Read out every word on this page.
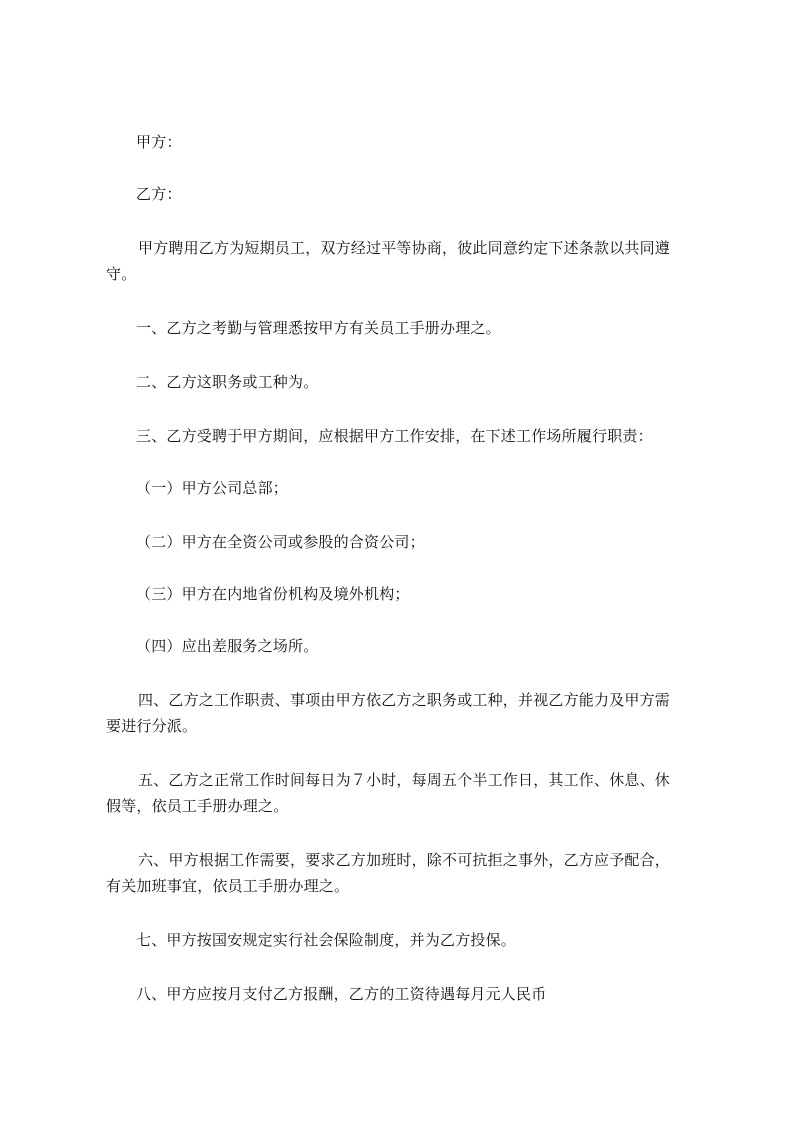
甲方：
乙方：
甲方聘用乙方为短期员工，双方经过平等协商，彼此同意约定下述条款以共同遵
守。
一、乙方之考勤与管理悉按甲方有关员工手册办理之。
二、乙方这职务或工种为。
三、乙方受聘于甲方期间，应根据甲方工作安排，在下述工作场所履行职责：
（一）甲方公司总部；
（二）甲方在全资公司或参股的合资公司；
（三）甲方在内地省份机构及境外机构；
（四）应出差服务之场所。
四、乙方之工作职责、事项由甲方依乙方之职务或工种，并视乙方能力及甲方需
要进行分派。
五、乙方之正常工作时间每日为７小时，每周五个半工作日，其工作、休息、休
假等，依员工手册办理之。
六、甲方根据工作需要，要求乙方加班时，除不可抗拒之事外，乙方应予配合，
有关加班事宜，依员工手册办理之。
七、甲方按国安规定实行社会保险制度，并为乙方投保。
八、甲方应按月支付乙方报酬，乙方的工资待遇每月元人民币
